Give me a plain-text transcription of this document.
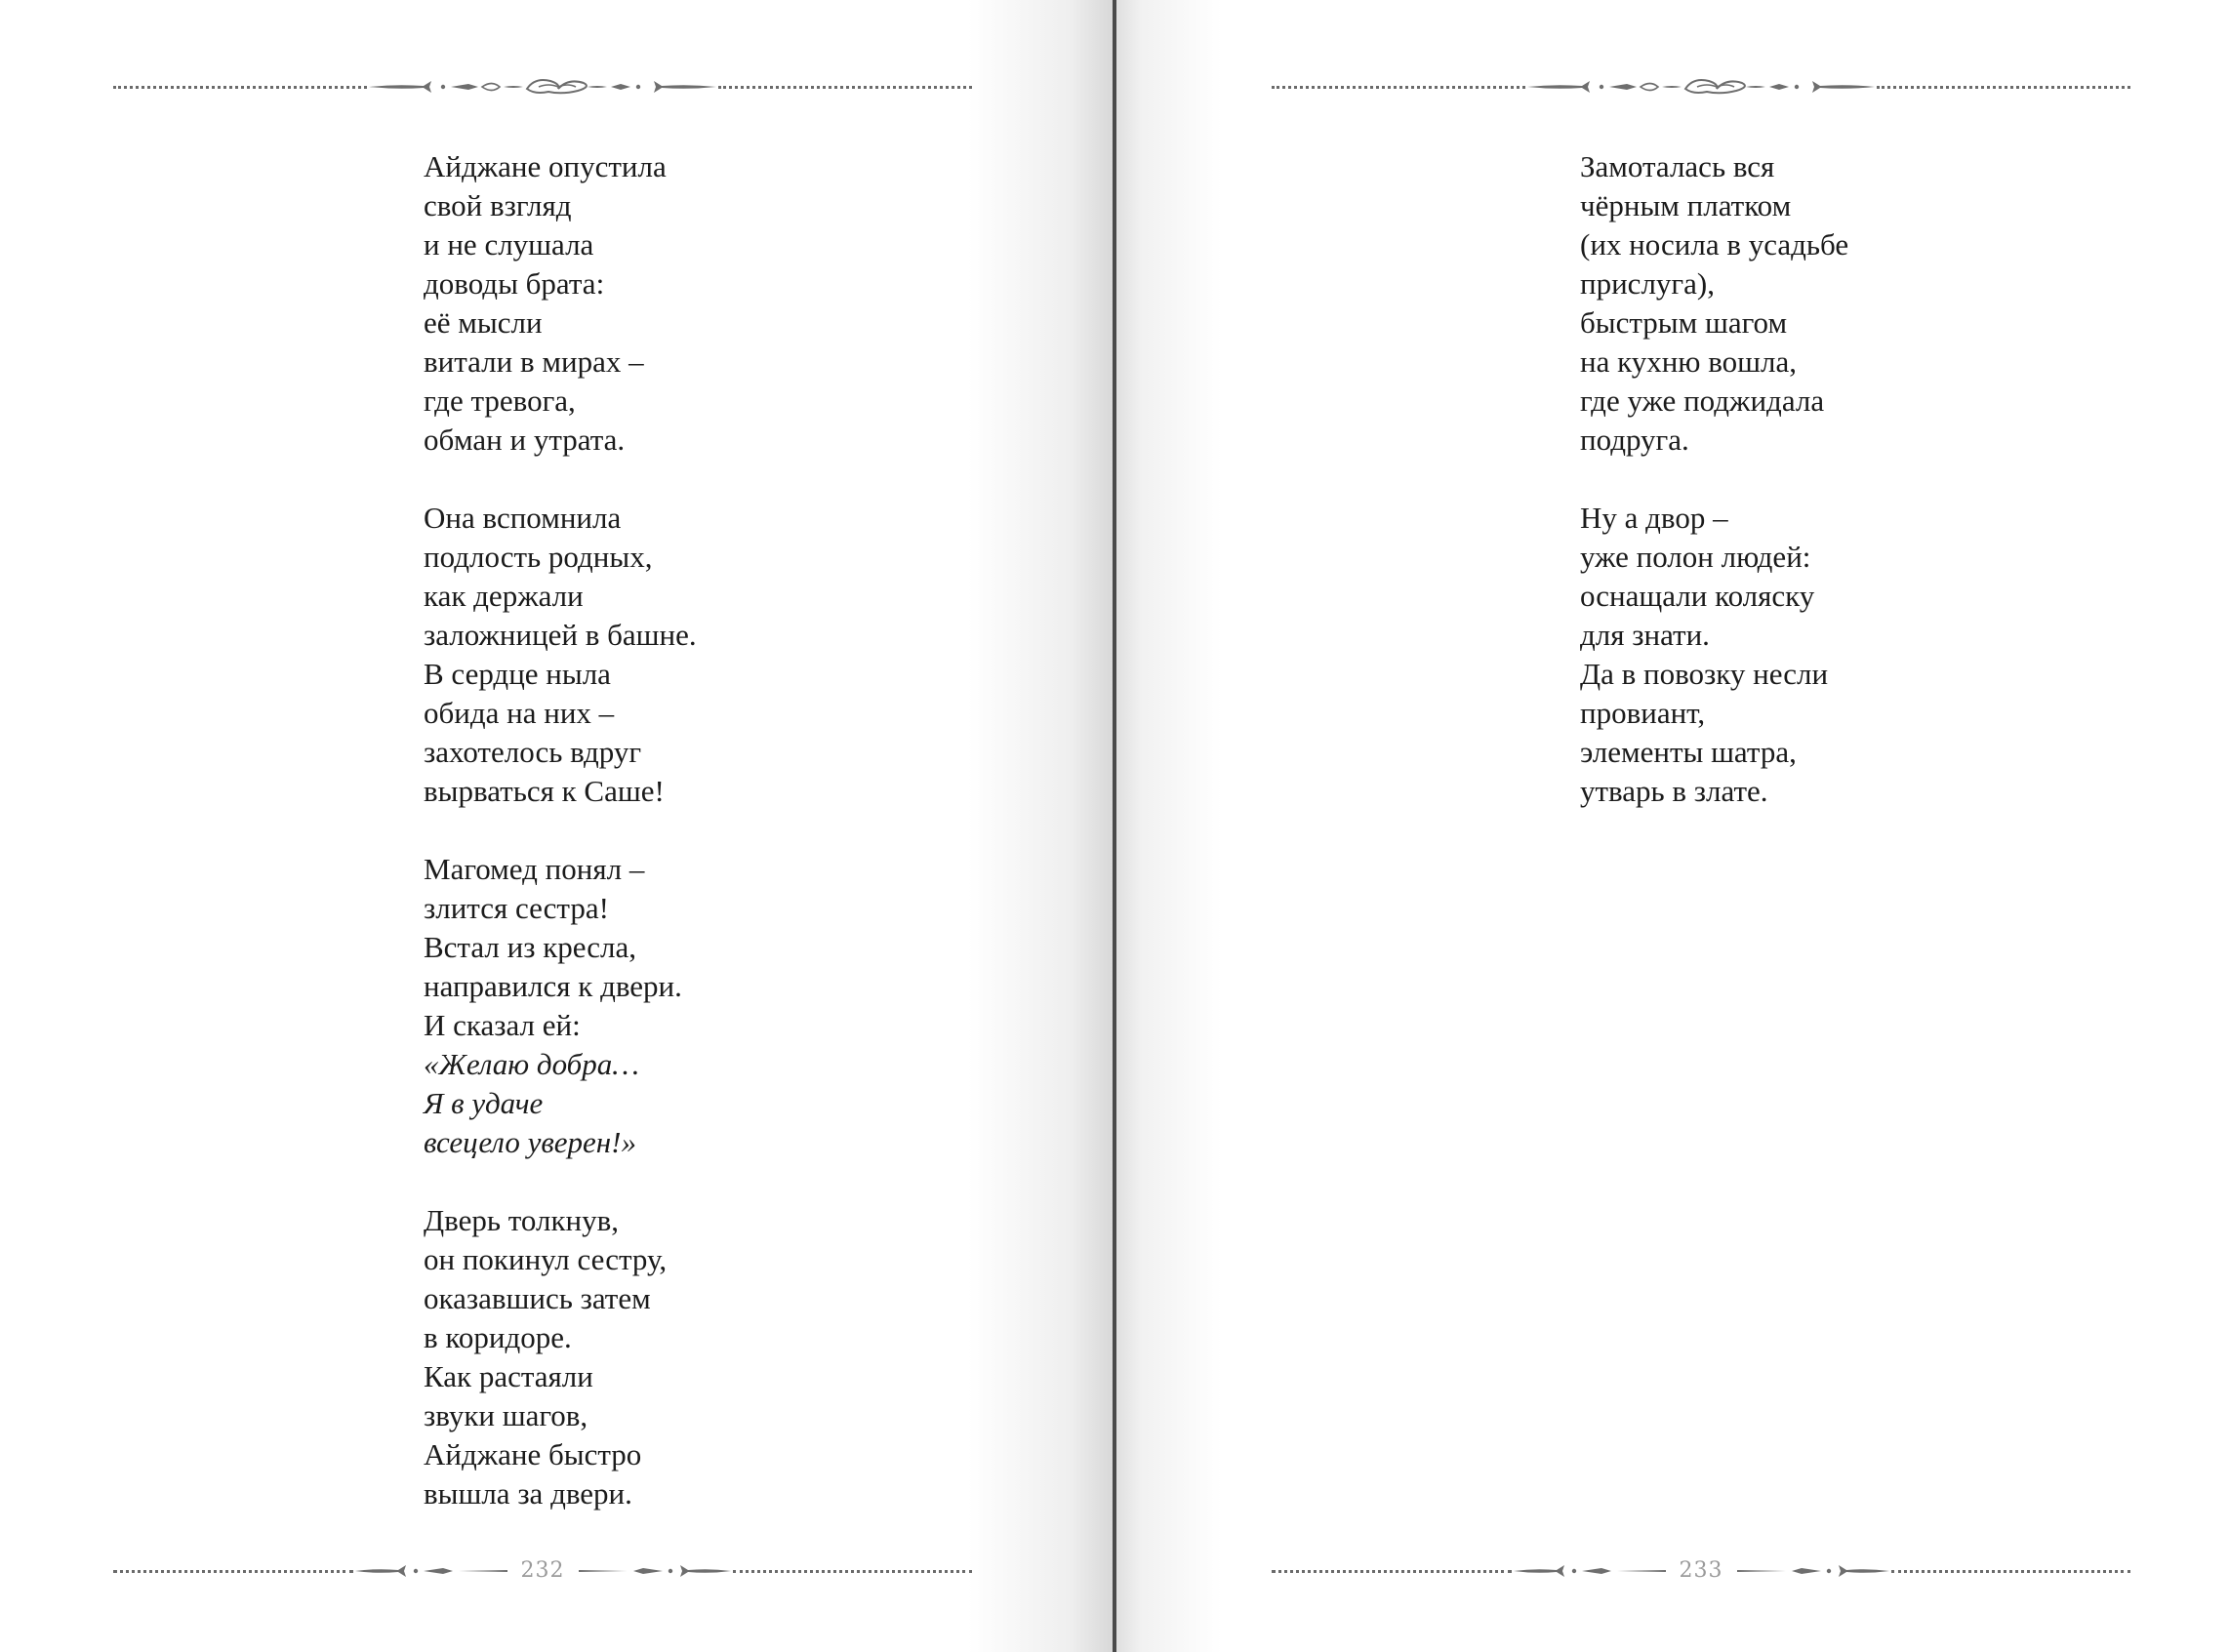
Айджане опустила
свой взгляд
и не слушала
доводы брата:
её мысли
витали в мирах –
где тревога,
обман и утрата.
Она вспомнила
подлость родных,
как держали
заложницей в башне.
В сердце ныла
обида на них –
захотелось вдруг
вырваться к Саше!
Магомед понял –
злится сестра!
Встал из кресла,
направился к двери.
И сказал ей:
«Желаю добра…
Я в удаче
всецело уверен!»
Дверь толкнув,
он покинул сестру,
оказавшись затем
в коридоре.
Как растаяли
звуки шагов,
Айджане быстро
вышла за двери.
Замоталась вся
чёрным платком
(их носила в усадьбе
прислуга),
быстрым шагом
на кухню вошла,
где уже поджидала
подруга.
Ну а двор –
уже полон людей:
оснащали коляску
для знати.
Да в повозку несли
провиант,
элементы шатра,
утварь в злате.
232	233
